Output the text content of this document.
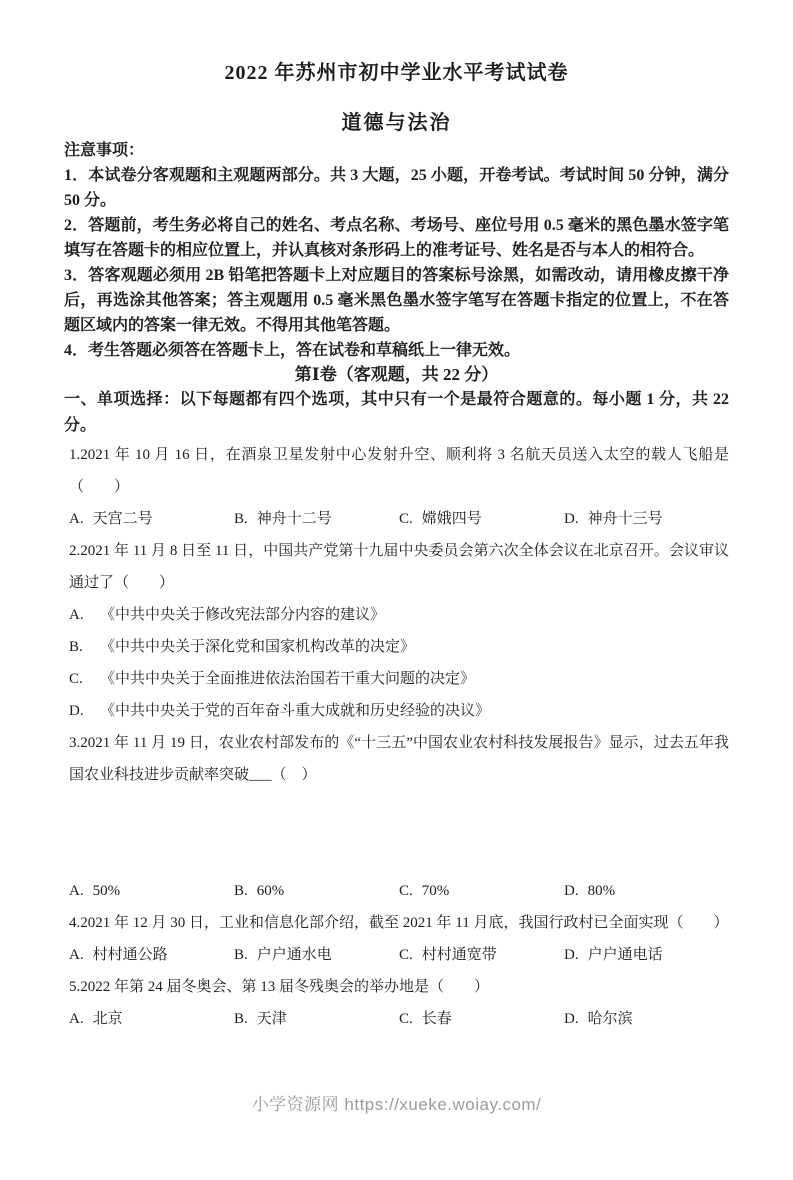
2022 年苏州市初中学业水平考试试卷
道德与法治

注意事项：

1．本试卷分客观题和主观题两部分。共 3 大题，25 小题，开卷考试。考试时间 50 分钟，满分 50 分。

2．答题前，考生务必将自己的姓名、考点名称、考场号、座位号用 0.5 毫米的黑色墨水签字笔填写在答题卡的相应位置上，并认真核对条形码上的准考证号、姓名是否与本人的相符合。

3．答客观题必须用 2B 铅笔把答题卡上对应题目的答案标号涂黑，如需改动，请用橡皮擦干净后，再选涂其他答案；答主观题用 0.5 毫米黑色墨水签字笔写在答题卡指定的位置上，不在答题区域内的答案一律无效。不得用其他笔答题。

4．考生答题必须答在答题卡上，答在试卷和草稿纸上一律无效。

第Ⅰ卷（客观题，共 22 分）

一、单项选择：以下每题都有四个选项，其中只有一个是最符合题意的。每小题 1 分，共 22 分。

1.2021 年 10 月 16 日，在酒泉卫星发射中心发射升空、顺利将 3 名航天员送入太空的载人飞船是（　　）

A. 天宫二号	B. 神舟十二号	C. 嫦娥四号	D. 神舟十三号

2.2021 年 11 月 8 日至 11 日，中国共产党第十九届中央委员会第六次全体会议在北京召开。会议审议通过了（　　）

A. 《中共中央关于修改宪法部分内容的建议》
B. 《中共中央关于深化党和国家机构改革的决定》
C. 《中共中央关于全面推进依法治国若干重大问题的决定》
D. 《中共中央关于党的百年奋斗重大成就和历史经验的决议》

3.2021 年 11 月 19 日，农业农村部发布的《“十三五”中国农业农村科技发展报告》显示，过去五年我国农业科技进步贡献率突破___（　）

A. 50%	B. 60%	C. 70%	D. 80%

4.2021 年 12 月 30 日，工业和信息化部介绍，截至 2021 年 11 月底，我国行政村已全面实现（　　）

A. 村村通公路	B. 户户通水电	C. 村村通宽带	D. 户户通电话

5.2022 年第 24 届冬奥会、第 13 届冬残奥会的举办地是（　　）

A. 北京	B. 天津	C. 长春	D. 哈尔滨
小学资源网 https://xueke.woiay.com/
